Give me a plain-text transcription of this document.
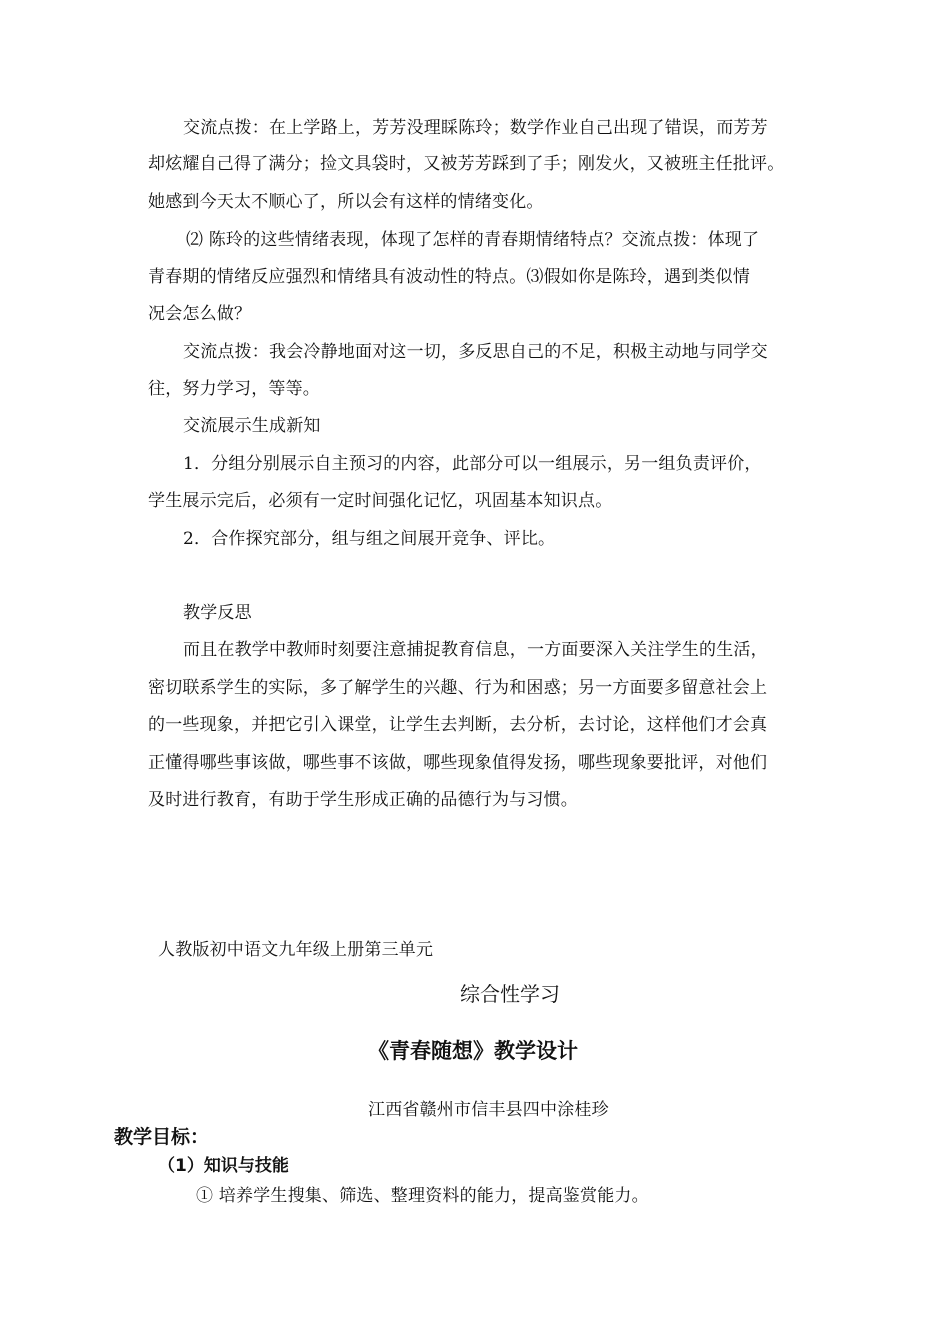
交流点拨：在上学路上，芳芳没理睬陈玲；数学作业自己出现了错误，而芳芳
却炫耀自己得了满分；捡文具袋时，又被芳芳踩到了手；刚发火，又被班主任批评。
她感到今天太不顺心了，所以会有这样的情绪变化。
⑵ 陈玲的这些情绪表现，体现了怎样的青春期情绪特点？交流点拨：体现了
青春期的情绪反应强烈和情绪具有波动性的特点。⑶假如你是陈玲，遇到类似情
况会怎么做？
交流点拨：我会冷静地面对这一切，多反思自己的不足，积极主动地与同学交
往，努力学习，等等。
交流展示生成新知
1．分组分别展示自主预习的内容，此部分可以一组展示，另一组负责评价，
学生展示完后，必须有一定时间强化记忆，巩固基本知识点。
2．合作探究部分，组与组之间展开竞争、评比。
教学反思
而且在教学中教师时刻要注意捕捉教育信息，一方面要深入关注学生的生活，
密切联系学生的实际，多了解学生的兴趣、行为和困惑；另一方面要多留意社会上
的一些现象，并把它引入课堂，让学生去判断，去分析，去讨论，这样他们才会真
正懂得哪些事该做，哪些事不该做，哪些现象值得发扬，哪些现象要批评，对他们
及时进行教育，有助于学生形成正确的品德行为与习惯。
人教版初中语文九年级上册第三单元
综合性学习
《青春随想》教学设计
江西省赣州市信丰县四中涂桂珍
教学目标：
（1）知识与技能
① 培养学生搜集、筛选、整理资料的能力，提高鉴赏能力。
